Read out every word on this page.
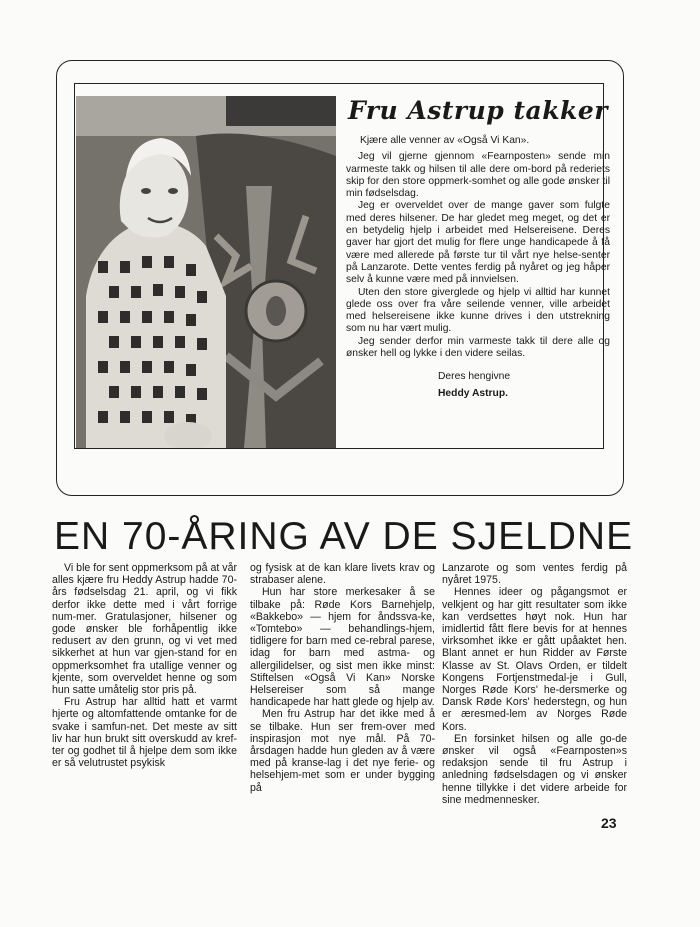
Fru Astrup takker

Kjære alle venner av «Også Vi Kan».

Jeg vil gjerne gjennom «Fearnposten» sende min varmeste takk og hilsen til alle dere om-bord på rederiets skip for den store oppmerk-somhet og alle gode ønsker til min fødselsdag.

Jeg er overveldet over de mange gaver som fulgte med deres hilsener. De har gledet meg meget, og det er en betydelig hjelp i arbeidet med Helsereisene. Deres gaver har gjort det mulig for flere unge handicapede å få være med allerede på første tur til vårt nye helse-senter på Lanzarote. Dette ventes ferdig på nyåret og jeg håper selv å kunne være med på innvielsen.

Uten den store giverglede og hjelp vi alltid har kunnet glede oss over fra våre seilende venner, ville arbeidet med helsereisene ikke kunne drives i den utstrekning som nu har vært mulig.

Jeg sender derfor min varmeste takk til dere alle og ønsker hell og lykke i den videre seilas.

Deres hengivne
Heddy Astrup.
EN 70-ÅRING AV DE SJELDNE

Vi ble for sent oppmerksom på at vår alles kjære fru Heddy Astrup hadde 70-års fødselsdag 21. april, og vi fikk derfor ikke dette med i vårt forrige num-mer. Gratulasjoner, hilsener og gode ønsker ble forhåpentlig ikke redusert av den grunn, og vi vet med sikkerhet at hun var gjen-stand for en oppmerksomhet fra utallige venner og kjente, som overveldet henne og som hun satte umåtelig stor pris på.

Fru Astrup har alltid hatt et varmt hjerte og altomfattende omtanke for de svake i samfun-net. Det meste av sitt liv har hun brukt sitt overskudd av kref-ter og godhet til å hjelpe dem som ikke er så velutrustet psykisk

og fysisk at de kan klare livets krav og strabaser alene.

Hun har store merkesaker å se tilbake på: Røde Kors Barnehjelp, «Bakkebo» — hjem for åndssva-ke, «Tomtebo» — behandlings-hjem, tidligere for barn med ce-rebral parese, idag for barn med astma- og allergilidelser, og sist men ikke minst: Stiftelsen «Også Vi Kan» Norske Helsereiser som så mange handicapede har hatt glede og hjelp av.

Men fru Astrup har det ikke med å se tilbake. Hun ser frem-over med inspirasjon mot nye mål. På 70-årsdagen hadde hun gleden av å være med på kranse-lag i det nye ferie- og helsehjem-met som er under bygging på

Lanzarote og som ventes ferdig på nyåret 1975.

Hennes ideer og pågangsmot er velkjent og har gitt resultater som ikke kan verdsettes høyt nok. Hun har imidlertid fått flere bevis for at hennes virksomhet ikke er gått upåaktet hen. Blant annet er hun Ridder av Første Klasse av St. Olavs Orden, er tildelt Kongens Fortjenstmedal-je i Gull, Norges Røde Kors' he-dersmerke og Dansk Røde Kors' hederstegn, og hun er æresmed-lem av Norges Røde Kors.

En forsinket hilsen og alle go-de ønsker vil også «Fearnposten»s redaksjon sende til fru Astrup i anledning fødselsdagen og vi ønsker henne tillykke i det videre arbeide for sine medmennesker.

23
